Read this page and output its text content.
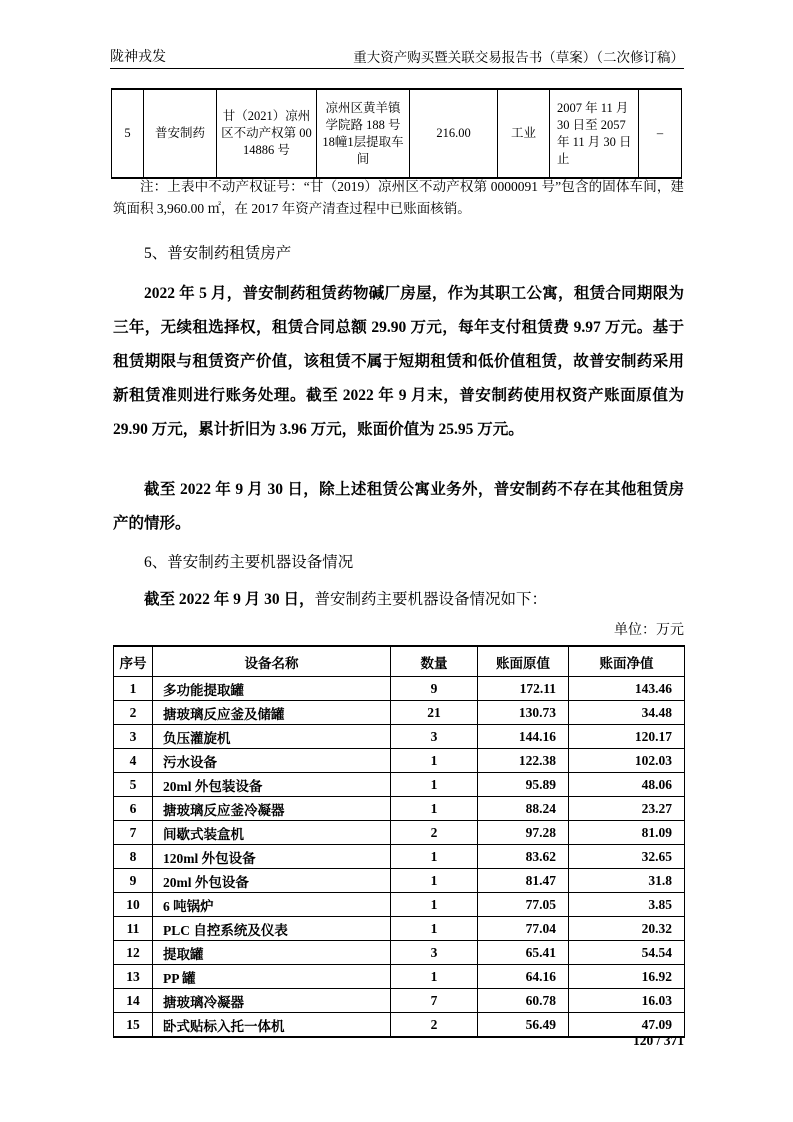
陇神戎发	重大资产购买暨关联交易报告书（草案）（二次修订稿）
5	普安制药	甘（2021）凉州区不动产权第 0014886 号	凉州区黄羊镇学院路 188 号 18幢1层提取车间	216.00	工业	2007 年 11 月 30 日至 2057 年 11 月 30 日止	–

注：上表中不动产权证号：“甘（2019）凉州区不动产权第 0000091 号”包含的固体车间，建筑面积 3,960.00 ㎡，在 2017 年资产清查过程中已账面核销。

5、普安制药租赁房产

2022 年 5 月，普安制药租赁药物碱厂房屋，作为其职工公寓，租赁合同期限为三年，无续租选择权，租赁合同总额 29.90 万元，每年支付租赁费 9.97 万元。基于租赁期限与租赁资产价值，该租赁不属于短期租赁和低价值租赁，故普安制药采用新租赁准则进行账务处理。截至 2022 年 9 月末，普安制药使用权资产账面原值为 29.90 万元，累计折旧为 3.96 万元，账面价值为 25.95 万元。

截至 2022 年 9 月 30 日，除上述租赁公寓业务外，普安制药不存在其他租赁房产的情形。

6、普安制药主要机器设备情况

截至 2022 年 9 月 30 日，普安制药主要机器设备情况如下：

单位：万元
序号	设备名称	数量	账面原值	账面净值
1	多功能提取罐	9	172.11	143.46
2	搪玻璃反应釜及储罐	21	130.73	34.48
3	负压灌旋机	3	144.16	120.17
4	污水设备	1	122.38	102.03
5	20ml 外包装设备	1	95.89	48.06
6	搪玻璃反应釜冷凝器	1	88.24	23.27
7	间歇式装盒机	2	97.28	81.09
8	120ml 外包设备	1	83.62	32.65
9	20ml 外包设备	1	81.47	31.8
10	6 吨锅炉	1	77.05	3.85
11	PLC 自控系统及仪表	1	77.04	20.32
12	提取罐	3	65.41	54.54
13	PP 罐	1	64.16	16.92
14	搪玻璃冷凝器	7	60.78	16.03
15	卧式贴标入托一体机	2	56.49	47.09
120 / 371
